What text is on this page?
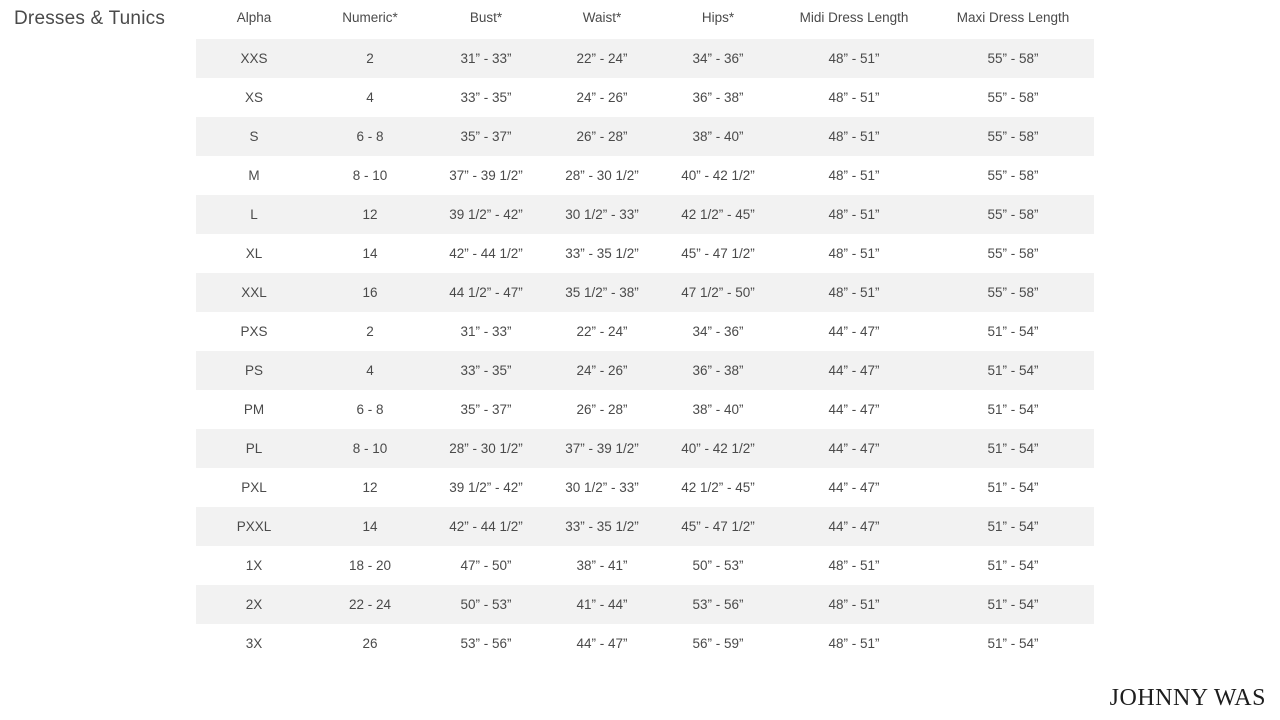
Dresses & Tunics	Alpha	Numeric*	Bust*	Waist*	Hips*	Midi Dress Length	Maxi Dress Length
XXS	2	31” - 33”	22” - 24”	34” - 36”	48” - 51”	55” - 58”
XS	4	33” - 35”	24” - 26”	36” - 38”	48” - 51”	55” - 58”
S	6 - 8	35” - 37”	26” - 28”	38” - 40”	48” - 51”	55” - 58”
M	8 - 10	37” - 39 1/2”	28” - 30 1/2”	40” - 42 1/2”	48” - 51”	55” - 58”
L	12	39 1/2” - 42”	30 1/2” - 33”	42 1/2” - 45”	48” - 51”	55” - 58”
XL	14	42” - 44 1/2”	33” - 35 1/2”	45” - 47 1/2”	48” - 51”	55” - 58”
XXL	16	44 1/2” - 47”	35 1/2” - 38”	47 1/2” - 50”	48” - 51”	55” - 58”
PXS	2	31” - 33”	22” - 24”	34” - 36”	44” - 47”	51” - 54”
PS	4	33” - 35”	24” - 26”	36” - 38”	44” - 47”	51” - 54”
PM	6 - 8	35” - 37”	26” - 28”	38” - 40”	44” - 47”	51” - 54”
PL	8 - 10	28” - 30 1/2”	37” - 39 1/2”	40” - 42 1/2”	44” - 47”	51” - 54”
PXL	12	39 1/2” - 42”	30 1/2” - 33”	42 1/2” - 45”	44” - 47”	51” - 54”
PXXL	14	42” - 44 1/2”	33” - 35 1/2”	45” - 47 1/2”	44” - 47”	51” - 54”
1X	18 - 20	47” - 50”	38” - 41”	50” - 53”	48” - 51”	51” - 54”
2X	22 - 24	50” - 53”	41” - 44”	53” - 56”	48” - 51”	51” - 54”
3X	26	53” - 56”	44” - 47”	56” - 59”	48” - 51”	51” - 54”
JOHNNY WAS
